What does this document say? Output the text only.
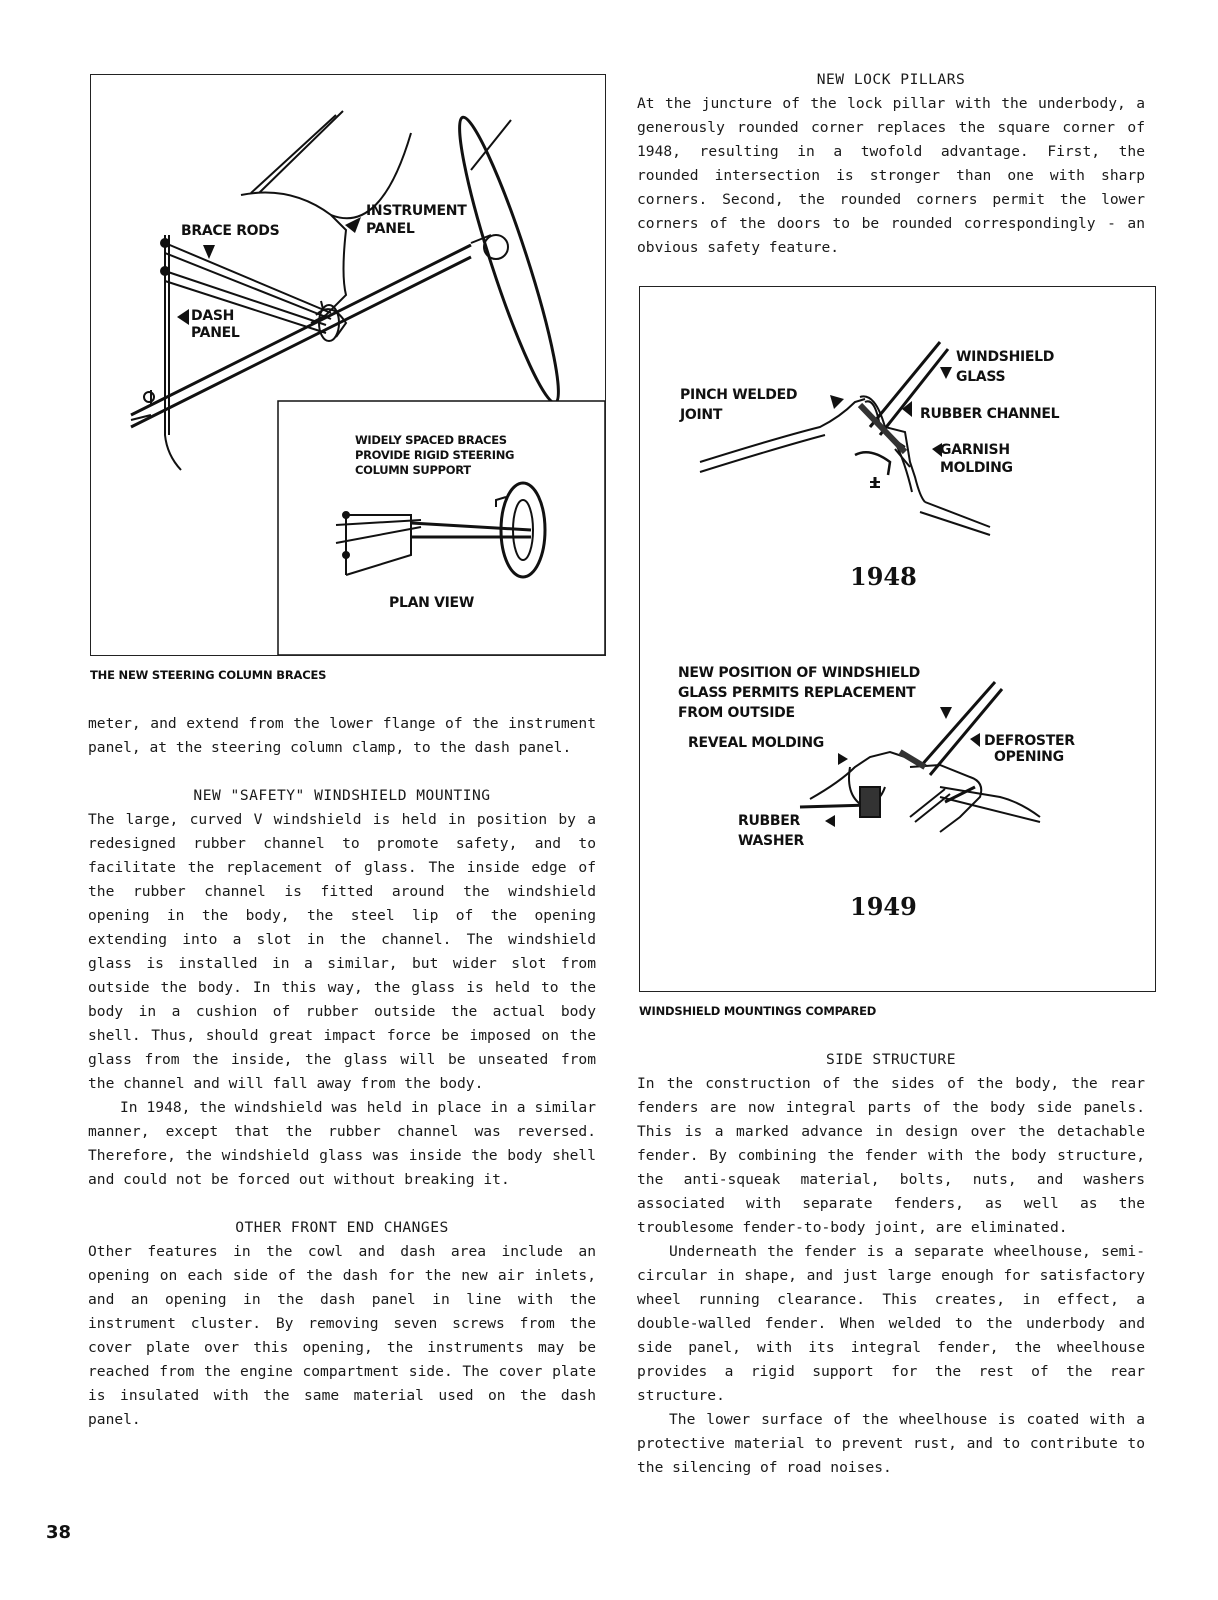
BRACE RODS

INSTRUMENT

PANEL

DASH

PANEL

WIDELY SPACED BRACES

PROVIDE RIGID STEERING

COLUMN SUPPORT

PLAN VIEW

THE NEW STEERING COLUMN BRACES

WINDSHIELD

GLASS

PINCH WELDED

JOINT	RUBBER CHANNEL

GARNISH

MOLDING

1948

NEW POSITION OF WINDSHIELD

GLASS PERMITS REPLACEMENT

FROM OUTSIDE

REVEAL MOLDING	DEFROSTER

OPENING

RUBBER

WASHER

1949

WINDSHIELD MOUNTINGS COMPARED

meter, and extend from the lower flange of the instrument panel, at the steering column clamp, to the dash panel.

NEW "SAFETY" WINDSHIELD MOUNTING

The large, curved V windshield is held in position by a redesigned rubber channel to promote safety, and to facilitate the replacement of glass. The inside edge of the rubber channel is fitted around the windshield opening in the body, the steel lip of the opening extending into a slot in the channel. The windshield glass is installed in a similar, but wider slot from outside the body. In this way, the glass is held to the body in a cushion of rubber outside the actual body shell. Thus, should great impact force be imposed on the glass from the inside, the glass will be unseated from the channel and will fall away from the body.

In 1948, the windshield was held in place in a similar manner, except that the rubber channel was reversed. Therefore, the windshield glass was inside the body shell and could not be forced out without breaking it.

OTHER FRONT END CHANGES

Other features in the cowl and dash area include an opening on each side of the dash for the new air inlets, and an opening in the dash panel in line with the instrument cluster. By removing seven screws from the cover plate over this opening, the instruments may be reached from the engine compartment side. The cover plate is insulated with the same material used on the dash panel.

NEW LOCK PILLARS

At the juncture of the lock pillar with the underbody, a generously rounded corner replaces the square corner of 1948, resulting in a twofold advantage. First, the rounded intersection is stronger than one with sharp corners. Second, the rounded corners permit the lower corners of the doors to be rounded correspondingly - an obvious safety feature.

SIDE STRUCTURE

In the construction of the sides of the body, the rear fenders are now integral parts of the body side panels. This is a marked advance in design over the detachable fender. By combining the fender with the body structure, the anti-squeak material, bolts, nuts, and washers associated with separate fenders, as well as the troublesome fender-to-body joint, are eliminated.

Underneath the fender is a separate wheelhouse, semi-circular in shape, and just large enough for satisfactory wheel running clearance. This creates, in effect, a double-walled fender. When welded to the underbody and side panel, with its integral fender, the wheelhouse provides a rigid support for the rest of the rear structure.

The lower surface of the wheelhouse is coated with a protective material to prevent rust, and to contribute to the silencing of road noises.

38
